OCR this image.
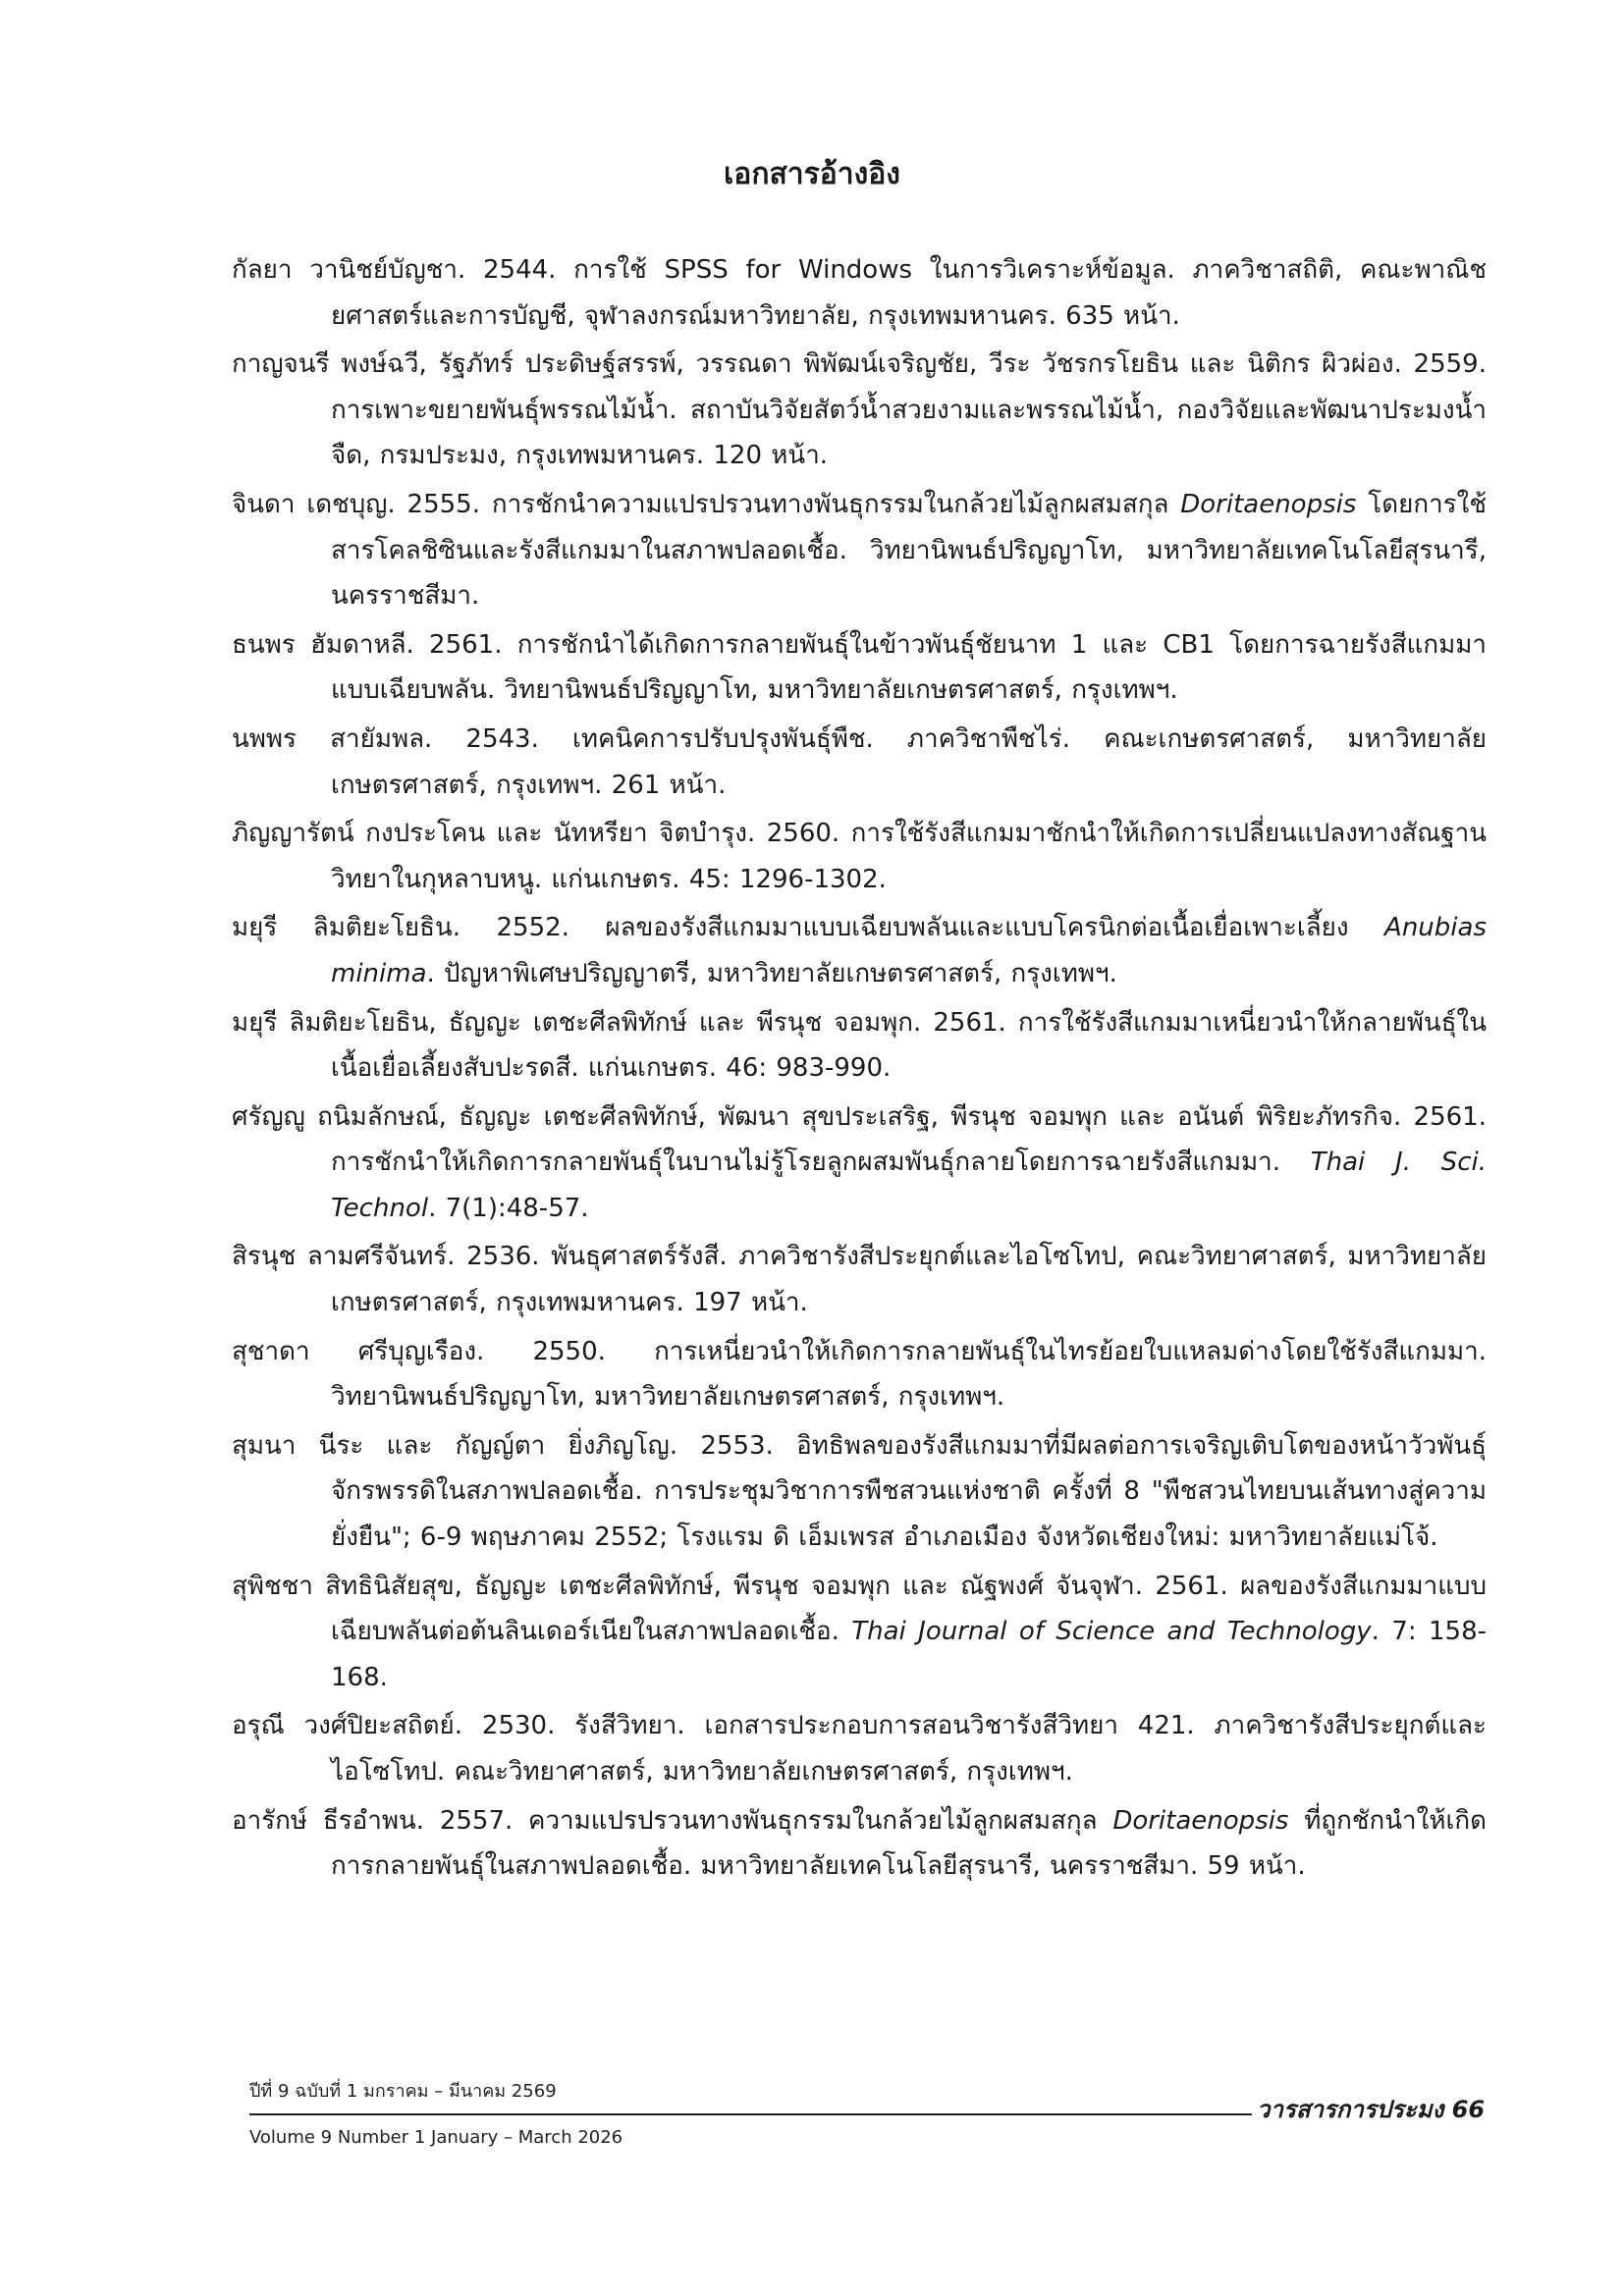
เอกสารอ้างอิง
กัลยา วานิชย์บัญชา. 2544. การใช้ SPSS for Windows ในการวิเคราะห์ข้อมูล. ภาควิชาสถิติ, คณะพาณิชยศาสตร์และการบัญชี, จุฬาลงกรณ์มหาวิทยาลัย, กรุงเทพมหานคร. 635 หน้า.
กาญจนรี พงษ์ฉวี, รัฐภัทร์ ประดิษฐ์สรรพ์, วรรณดา พิพัฒน์เจริญชัย, วีระ วัชรกรโยธิน และ นิติกร ผิวผ่อง. 2559. การเพาะขยายพันธุ์พรรณไม้น้ำ. สถาบันวิจัยสัตว์น้ำสวยงามและพรรณไม้น้ำ, กองวิจัยและพัฒนาประมงน้ำจืด, กรมประมง, กรุงเทพมหานคร. 120 หน้า.
จินดา เดชบุญ. 2555. การชักนำความแปรปรวนทางพันธุกรรมในกล้วยไม้ลูกผสมสกุล Doritaenopsis โดยการใช้สารโคลชิซินและรังสีแกมมาในสภาพปลอดเชื้อ. วิทยานิพนธ์ปริญญาโท, มหาวิทยาลัยเทคโนโลยีสุรนารี, นครราชสีมา.
ธนพร ฮัมดาหลี. 2561. การชักนำได้เกิดการกลายพันธุ์ในข้าวพันธุ์ชัยนาท 1 และ CB1 โดยการฉายรังสีแกมมาแบบเฉียบพลัน. วิทยานิพนธ์ปริญญาโท, มหาวิทยาลัยเกษตรศาสตร์, กรุงเทพฯ.
นพพร สายัมพล. 2543. เทคนิคการปรับปรุงพันธุ์พืช. ภาควิชาพืชไร่. คณะเกษตรศาสตร์, มหาวิทยาลัยเกษตรศาสตร์, กรุงเทพฯ. 261 หน้า.
ภิญญารัตน์ กงประโคน และ นัทหรียา จิตบำรุง. 2560. การใช้รังสีแกมมาชักนำให้เกิดการเปลี่ยนแปลงทางสัณฐานวิทยาในกุหลาบหนู. แก่นเกษตร. 45: 1296-1302.
มยุรี ลิมติยะโยธิน. 2552. ผลของรังสีแกมมาแบบเฉียบพลันและแบบโครนิกต่อเนื้อเยื่อเพาะเลี้ยง Anubias minima. ปัญหาพิเศษปริญญาตรี, มหาวิทยาลัยเกษตรศาสตร์, กรุงเทพฯ.
มยุรี ลิมติยะโยธิน, ธัญญะ เตชะศีลพิทักษ์ และ พีรนุช จอมพุก. 2561. การใช้รังสีแกมมาเหนี่ยวนำให้กลายพันธุ์ในเนื้อเยื่อเลี้ยงสับปะรดสี. แก่นเกษตร. 46: 983-990.
ศรัญญู ถนิมลักษณ์, ธัญญะ เตชะศีลพิทักษ์, พัฒนา สุขประเสริฐ, พีรนุช จอมพุก และ อนันต์ พิริยะภัทรกิจ. 2561. การชักนำให้เกิดการกลายพันธุ์ในบานไม่รู้โรยลูกผสมพันธุ์กลายโดยการฉายรังสีแกมมา. Thai J. Sci. Technol. 7(1):48-57.
สิรนุช ลามศรีจันทร์. 2536. พันธุศาสตร์รังสี. ภาควิชารังสีประยุกต์และไอโซโทป, คณะวิทยาศาสตร์, มหาวิทยาลัยเกษตรศาสตร์, กรุงเทพมหานคร. 197 หน้า.
สุชาดา ศรีบุญเรือง. 2550. การเหนี่ยวนำให้เกิดการกลายพันธุ์ในไทรย้อยใบแหลมด่างโดยใช้รังสีแกมมา. วิทยานิพนธ์ปริญญาโท, มหาวิทยาลัยเกษตรศาสตร์, กรุงเทพฯ.
สุมนา นีระ และ กัญญ์ตา ยิ่งภิญโญ. 2553. อิทธิพลของรังสีแกมมาที่มีผลต่อการเจริญเติบโตของหน้าวัวพันธุ์จักรพรรดิในสภาพปลอดเชื้อ. การประชุมวิชาการพืชสวนแห่งชาติ ครั้งที่ 8 "พืชสวนไทยบนเส้นทางสู่ความยั่งยืน"; 6-9 พฤษภาคม 2552; โรงแรม ดิ เอ็มเพรส อำเภอเมือง จังหวัดเชียงใหม่: มหาวิทยาลัยแม่โจ้.
สุพิชชา สิทธินิสัยสุข, ธัญญะ เตชะศีลพิทักษ์, พีรนุช จอมพุก และ ณัฐพงศ์ จันจุฬา. 2561. ผลของรังสีแกมมาแบบเฉียบพลันต่อต้นลินเดอร์เนียในสภาพปลอดเชื้อ. Thai Journal of Science and Technology. 7: 158-168.
อรุณี วงศ์ปิยะสถิตย์. 2530. รังสีวิทยา. เอกสารประกอบการสอนวิชารังสีวิทยา 421. ภาควิชารังสีประยุกต์และไอโซโทป. คณะวิทยาศาสตร์, มหาวิทยาลัยเกษตรศาสตร์, กรุงเทพฯ.
อารักษ์ ธีรอำพน. 2557. ความแปรปรวนทางพันธุกรรมในกล้วยไม้ลูกผสมสกุล Doritaenopsis ที่ถูกชักนำให้เกิดการกลายพันธุ์ในสภาพปลอดเชื้อ. มหาวิทยาลัยเทคโนโลยีสุรนารี, นครราชสีมา. 59 หน้า.
ปีที่ 9 ฉบับที่ 1 มกราคม – มีนาคม 2569
Volume 9 Number 1 January – March 2026
วารสารการประมง 66
